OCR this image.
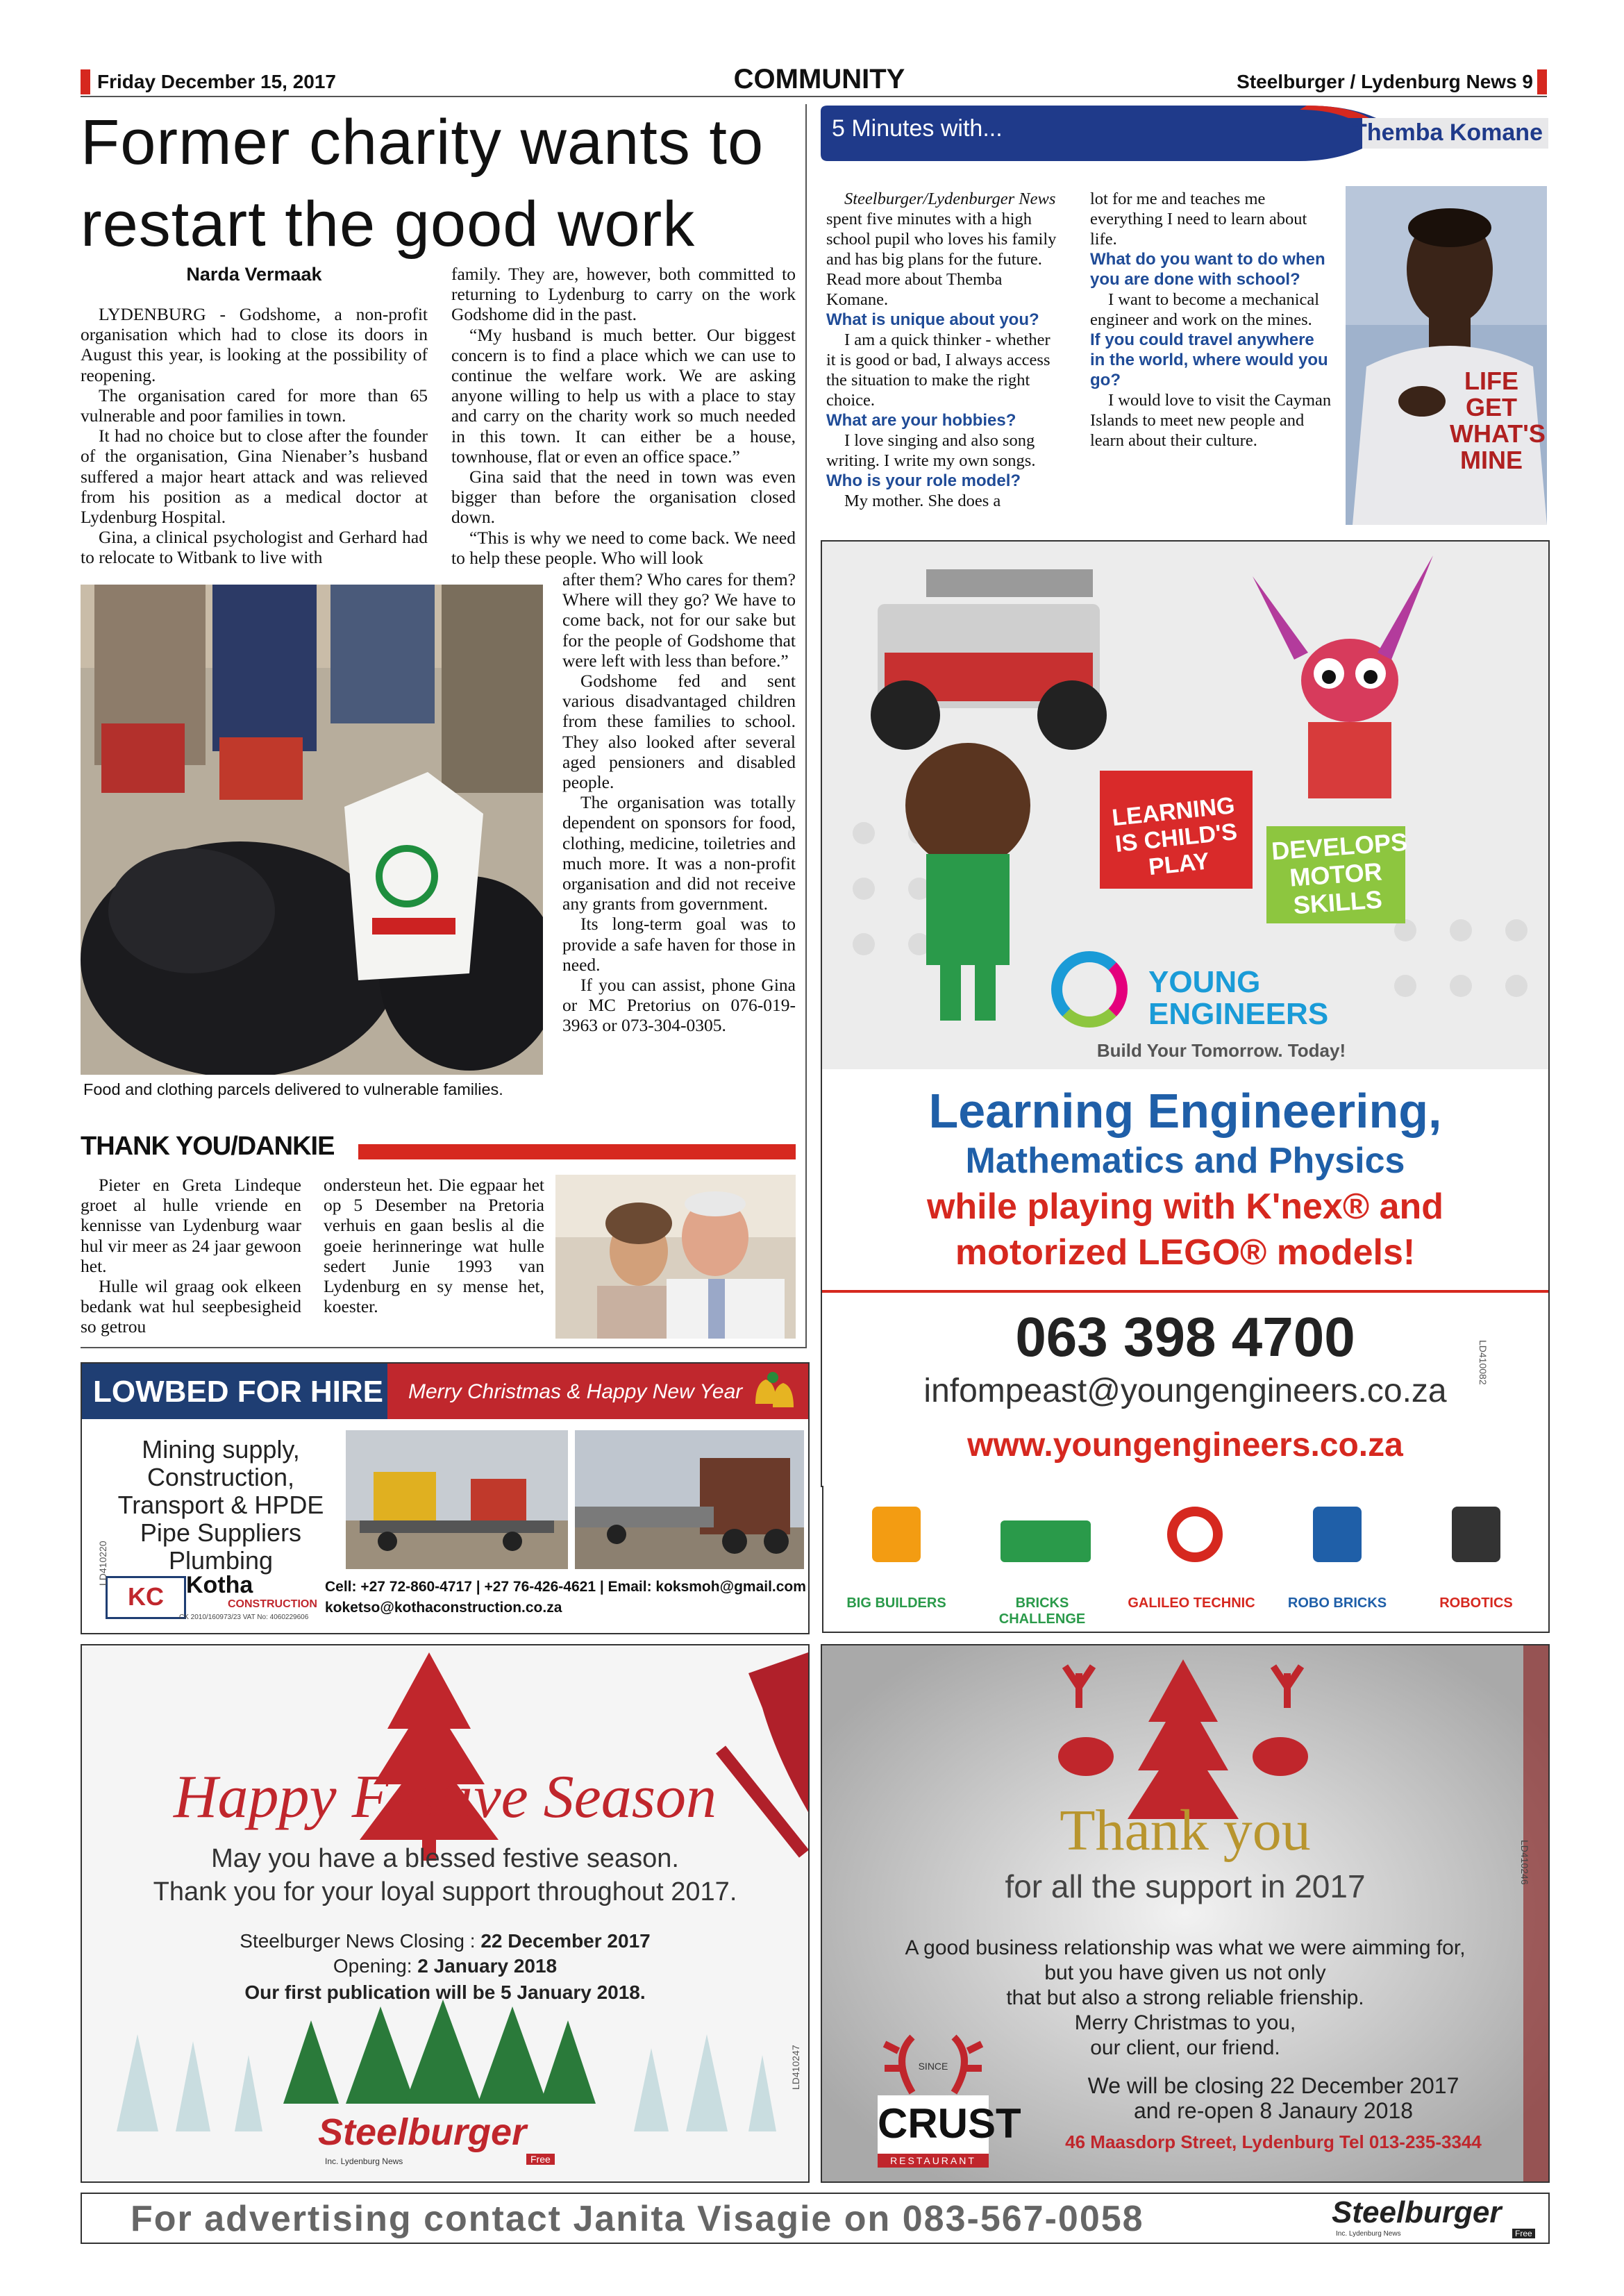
Friday December 15, 2017	COMMUNITY	Steelburger / Lydenburg News 9
Former charity wants to
restart the good work
Narda Vermaak

LYDENBURG - Godshome, a non-profit organisation which had to close its doors in August this year, is looking at the possibility of reopening.

The organisation cared for more than 65 vulnerable and poor families in town.

It had no choice but to close after the founder of the organisation, Gina Nienaber’s husband suffered a major heart attack and was relieved from his position as a medical doctor at Lydenburg Hospital.

Gina, a clinical psychologist and Gerhard had to relocate to Witbank to live with

family. They are, however, both committed to returning to Lydenburg to carry on the work Godshome did in the past.

“My husband is much better. Our biggest concern is to find a place which we can use to continue the welfare work. We are asking anyone willing to help us with a place to stay and carry on the charity work so much needed in this town. It can either be a house, townhouse, flat or even an office space.”

Gina said that the need in town was even bigger than before the organisation closed down.

“This is why we need to come back. We need to help these people. Who will look

after them? Who cares for them? Where will they go? We have to come back, not for our sake but for the people of Godshome that were left with less than before.”

Godshome fed and sent various disadvantaged children from these families to school. They also looked after several aged pensioners and disabled people.

The organisation was totally dependent on sponsors for food, clothing, medicine, toiletries and much more. It was a non-profit organisation and did not receive any grants from government.

Its long-term goal was to provide a safe haven for those in need.

If you can assist, phone Gina or MC Pretorius on 076-019-3963 or 073-304-0305.

Food and clothing parcels delivered to vulnerable families.
THANK YOU/DANKIE

Pieter en Greta Lindeque groet al hulle vriende en kennisse van Lydenburg waar hul vir meer as 24 jaar gewoon het.

Hulle wil graag ook elkeen bedank wat hul seepbesigheid so getrou

ondersteun het. Die egpaar het op 5 Desember na Pretoria verhuis en gaan beslis al die goeie herinneringe wat hulle sedert Junie 1993 van Lydenburg en sy mense het, koester.

5 Minutes with...	Themba Komane

Steelburger/Lydenburger News spent five minutes with a high school pupil who loves his family and has big plans for the future. Read more about Themba Komane.

What is unique about you?

I am a quick thinker - whether it is good or bad, I always access the situation to make the right choice.

What are your hobbies?

I love singing and also song writing. I write my own songs.

Who is your role model?

My mother. She does a

lot for me and teaches me everything I need to learn about life.

What do you want to do when you are done with school?

I want to become a mechanical engineer and work on the mines.

If you could travel anywhere in the world, where would you go?

I would love to visit the Cayman Islands to meet new people and learn about their culture.

LIFE GET WHAT'S MINE
LEARNING IS CHILD'S PLAY	DEVELOPS MOTOR SKILLS
YOUNG
ENGINEERS
Build Your Tomorrow. Today!
Learning Engineering,
Mathematics and Physics
while playing with K'nex® and
motorized LEGO® models!
063 398 4700
infompeast@youngengineers.co.za
www.youngengineers.co.za
LD410082
BIG BUILDERS	BRICKS CHALLENGE
GALILEO TECHNIC	ROBO BRICKS	ROBOTICS
LOWBED FOR HIRE Merry Christmas & Happy New Year
Mining supply,
Construction,
Transport & HPDE
Pipe Suppliers
Plumbing
KC Kotha
CONSTRUCTION
CK 2010/160973/23 VAT No: 4060229606
Cell: +27 72-860-4717 | +27 76-426-4621 | Email: koksmoh@gmail.com
koketso@kothaconstruction.co.za
LD410220
Happy Festive Season
May you have a blessed festive season.
Thank you for your loyal support throughout 2017.
Steelburger News Closing : 22 December 2017
Opening: 2 January 2018
Our first publication will be 5 January 2018.
Steelburger
Inc. Lydenburg News	Free
LD410247
Thank you
for all the support in 2017
A good business relationship was what we were aimming for,
but you have given us not only
that but also a strong reliable frienship.
Merry Christmas to you,
our client, our friend.
SINCE
CRUST
RESTAURANT
We will be closing 22 December 2017
and re-open 8 Janaury 2018
46 Maasdorp Street, Lydenburg Tel 013-235-3344
LD410246
For advertising contact Janita Visagie on 083-567-0058	Steelburger
Inc. Lydenburg News	Free
